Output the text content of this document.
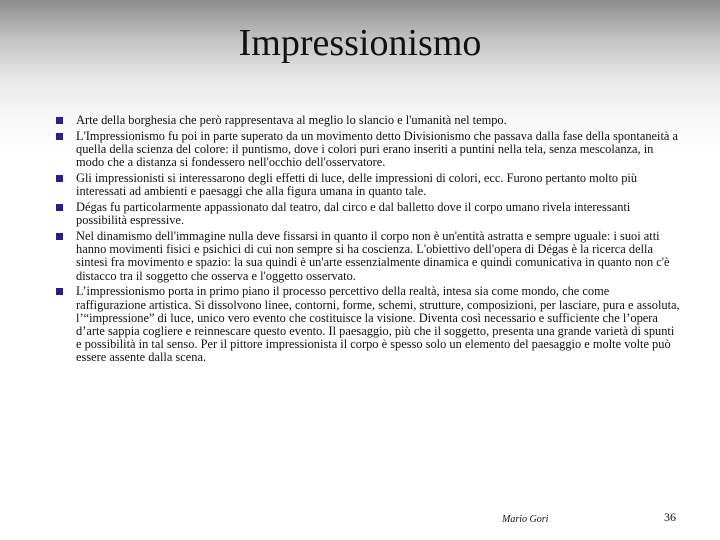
Impressionismo
Arte della borghesia che però rappresentava al meglio lo slancio e l'umanità nel tempo.
L'Impressionismo fu poi in parte superato da un movimento detto Divisionismo che passava dalla fase della spontaneità a quella della scienza del colore: il puntismo, dove i colori puri erano inseriti a puntini nella tela, senza mescolanza, in modo che a distanza si fondessero nell'occhio dell'osservatore.
Gli impressionisti si interessarono degli effetti di luce, delle impressioni di colori, ecc. Furono pertanto molto più interessati ad ambienti e paesaggi che alla figura umana in quanto tale.
Dégas fu particolarmente appassionato dal teatro, dal circo e dal balletto dove il corpo umano rivela interessanti possibilità espressive.
Nel dinamismo dell'immagine nulla deve fissarsi in quanto il corpo non è un'entità astratta e sempre uguale: i suoi atti hanno movimenti fisici e psichici di cui non sempre si ha coscienza. L'obiettivo dell'opera di Dégas è la ricerca della sintesi fra movimento e spazio: la sua quindi è un'arte essenzialmente dinamica e quindi comunicativa in quanto non c'è distacco tra il soggetto che osserva e l'oggetto osservato.
L’impressionismo porta in primo piano il processo percettivo della realtà, intesa sia come mondo, che come raffigurazione artistica. Si dissolvono linee, contorni, forme, schemi, strutture, composizioni, per lasciare, pura e assoluta, l’“impressione” di luce, unico vero evento che costituisce la visione. Diventa così necessario e sufficiente che l’opera d’arte sappia cogliere e reinnescare questo evento. Il paesaggio, più che il soggetto, presenta una grande varietà di spunti e possibilità in tal senso. Per il pittore impressionista il corpo è spesso solo un elemento del paesaggio e molte volte può essere assente dalla scena.
Mario Gori	36
